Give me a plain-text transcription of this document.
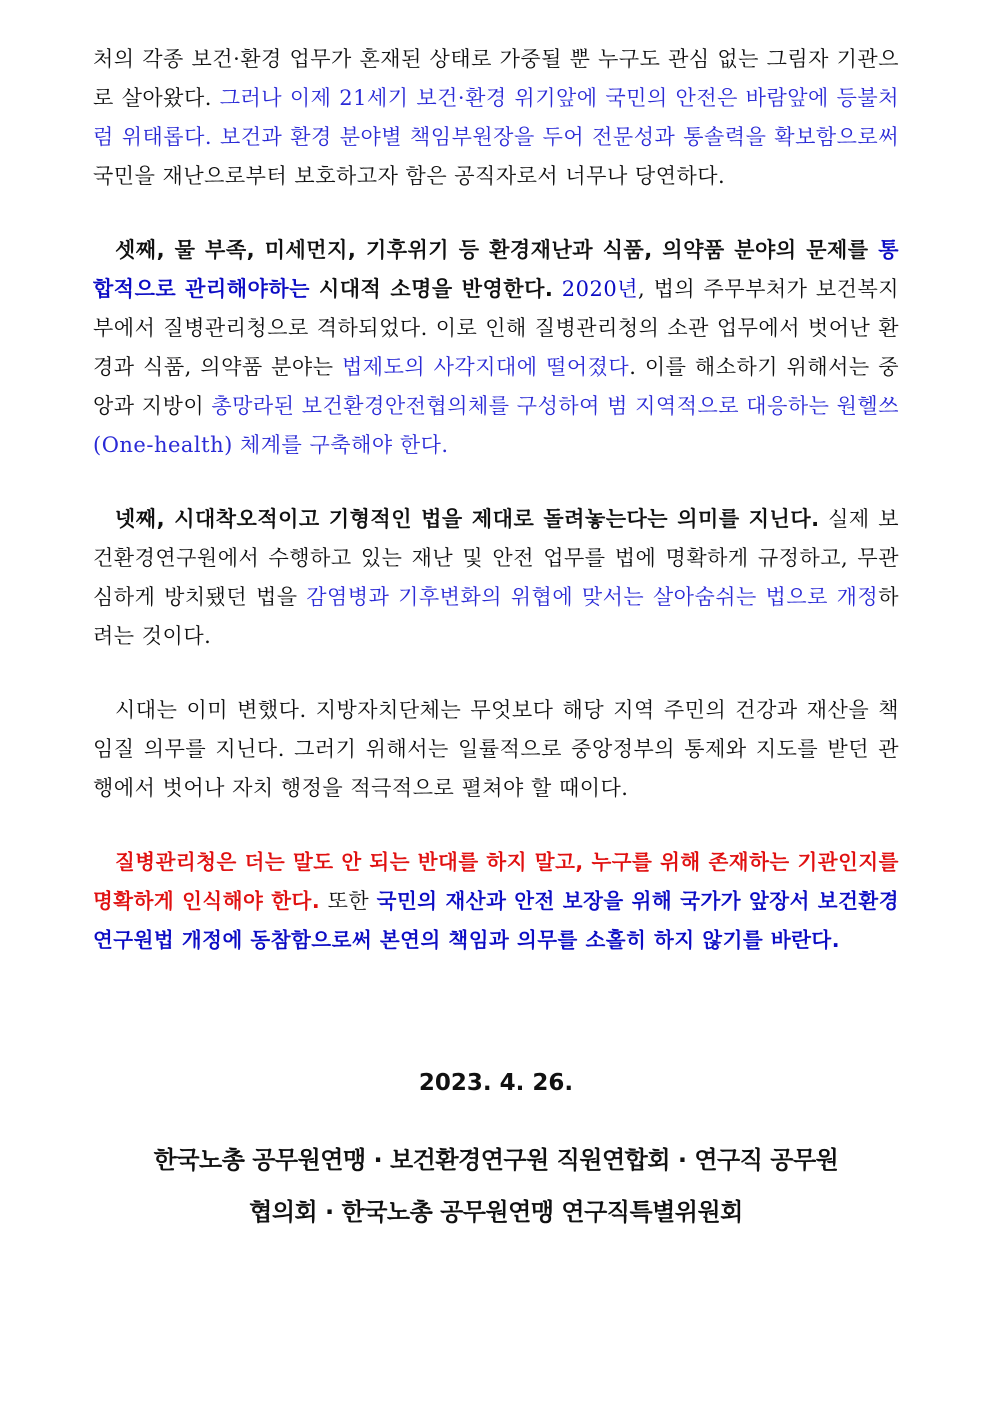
처의 각종 보건·환경 업무가 혼재된 상태로 가중될 뿐 누구도 관심 없는 그림자 기관으로 살아왔다. 그러나 이제 21세기 보건·환경 위기앞에 국민의 안전은 바람앞에 등불처럼 위태롭다. 보건과 환경 분야별 책임부원장을 두어 전문성과 통솔력을 확보함으로써 국민을 재난으로부터 보호하고자 함은 공직자로서 너무나 당연하다.

셋째, 물 부족, 미세먼지, 기후위기 등 환경재난과 식품, 의약품 분야의 문제를 통합적으로 관리해야하는 시대적 소명을 반영한다. 2020년, 법의 주무부처가 보건복지부에서 질병관리청으로 격하되었다. 이로 인해 질병관리청의 소관 업무에서 벗어난 환경과 식품, 의약품 분야는 법제도의 사각지대에 떨어졌다. 이를 해소하기 위해서는 중앙과 지방이 총망라된 보건환경안전협의체를 구성하여 범 지역적으로 대응하는 원헬쓰(One-health) 체계를 구축해야 한다.

넷째, 시대착오적이고 기형적인 법을 제대로 돌려놓는다는 의미를 지닌다. 실제 보건환경연구원에서 수행하고 있는 재난 및 안전 업무를 법에 명확하게 규정하고, 무관심하게 방치됐던 법을 감염병과 기후변화의 위협에 맞서는 살아숨쉬는 법으로 개정하려는 것이다.

시대는 이미 변했다. 지방자치단체는 무엇보다 해당 지역 주민의 건강과 재산을 책임질 의무를 지닌다. 그러기 위해서는 일률적으로 중앙정부의 통제와 지도를 받던 관행에서 벗어나 자치 행정을 적극적으로 펼쳐야 할 때이다.

질병관리청은 더는 말도 안 되는 반대를 하지 말고, 누구를 위해 존재하는 기관인지를 명확하게 인식해야 한다. 또한 국민의 재산과 안전 보장을 위해 국가가 앞장서 보건환경연구원법 개정에 동참함으로써 본연의 책임과 의무를 소홀히 하지 않기를 바란다.

2023. 4. 26.
한국노총 공무원연맹 · 보건환경연구원 직원연합회 · 연구직 공무원
협의회 · 한국노총 공무원연맹 연구직특별위원회
